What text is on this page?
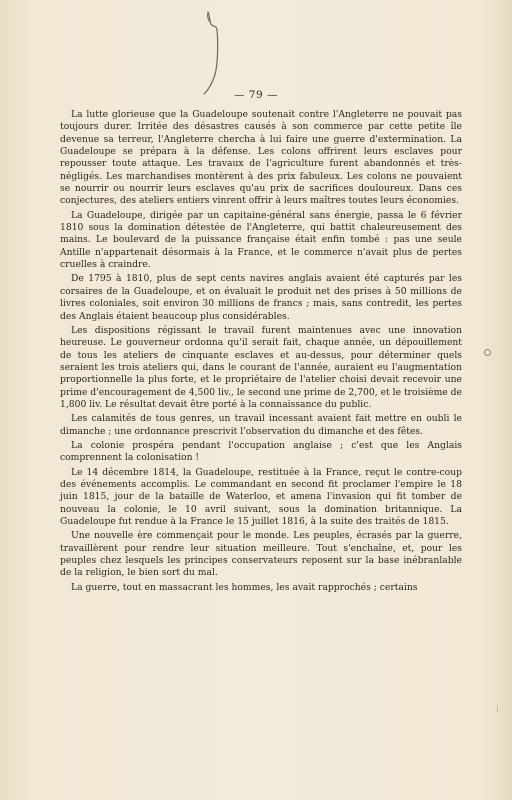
— 79 —

La lutte glorieuse que la Guadeloupe soutenait contre l'Angleterre ne pouvait pas toujours durer. Irritée des désastres causés à son commerce par cette petite île devenue sa terreur, l'Angleterre chercha à lui faire une guerre d'extermination. La Guadeloupe se prépara à la défense. Les colons offrirent leurs esclaves pour repousser toute attaque. Les travaux de l'agriculture furent abandonnés et très-négligés. Les marchandises montèrent à des prix fabuleux. Les colons ne pouvaient se nourrir ou nourrir leurs esclaves qu'au prix de sacrifices douloureux. Dans ces conjectures, des ateliers entiers vinrent offrir à leurs maîtres toutes leurs économies.

La Guadeloupe, dirigée par un capitaine-général sans énergie, passa le 6 février 1810 sous la domination détestée de l'Angleterre, qui battit chaleureusement des mains. Le boulevard de la puissance française était enfin tombé : pas une seule Antille n'appartenait désormais à la France, et le commerce n'avait plus de pertes cruelles à craindre.

De 1795 à 1810, plus de sept cents navires anglais avaient été capturés par les corsaires de la Guadeloupe, et on évaluait le produit net des prises à 50 millions de livres coloniales, soit environ 30 millions de francs ; mais, sans contredit, les pertes des Anglais étaient beaucoup plus considérables.

Les dispositions régissant le travail furent maintenues avec une innovation heureuse. Le gouverneur ordonna qu'il serait fait, chaque année, un dépouillement de tous les ateliers de cinquante esclaves et au-dessus, pour déterminer quels seraient les trois ateliers qui, dans le courant de l'année, auraient eu l'augmentation proportionnelle la plus forte, et le propriétaire de l'atelier choisi devait recevoir une prime d'encouragement de 4,500 liv., le second une prime de 2,700, et le troisième de 1,800 liv. Le résultat devait être porté à la connaissance du public.

Les calamités de tous genres, un travail incessant avaient fait mettre en oubli le dimanche ; une ordonnance prescrivit l'observation du dimanche et des fêtes.

La colonie prospéra pendant l'occupation anglaise ; c'est que les Anglais comprennent la colonisation !

Le 14 décembre 1814, la Guadeloupe, restituée à la France, reçut le contre-coup des événements accomplis. Le commandant en second fit proclamer l'empire le 18 juin 1815, jour de la bataille de Waterloo, et amena l'invasion qui fit tomber de nouveau la colonie, le 10 avril suivant, sous la domination britannique. La Guadeloupe fut rendue à la France le 15 juillet 1816, à la suite des traités de 1815.

Une nouvelle ère commençait pour le monde. Les peuples, écrasés par la guerre, travaillèrent pour rendre leur situation meilleure. Tout s'enchaîne, et, pour les peuples chez lesquels les principes conservateurs reposent sur la base inébranlable de la religion, le bien sort du mal.

La guerre, tout en massacrant les hommes, les avait rapprochés ; certains

⁝
